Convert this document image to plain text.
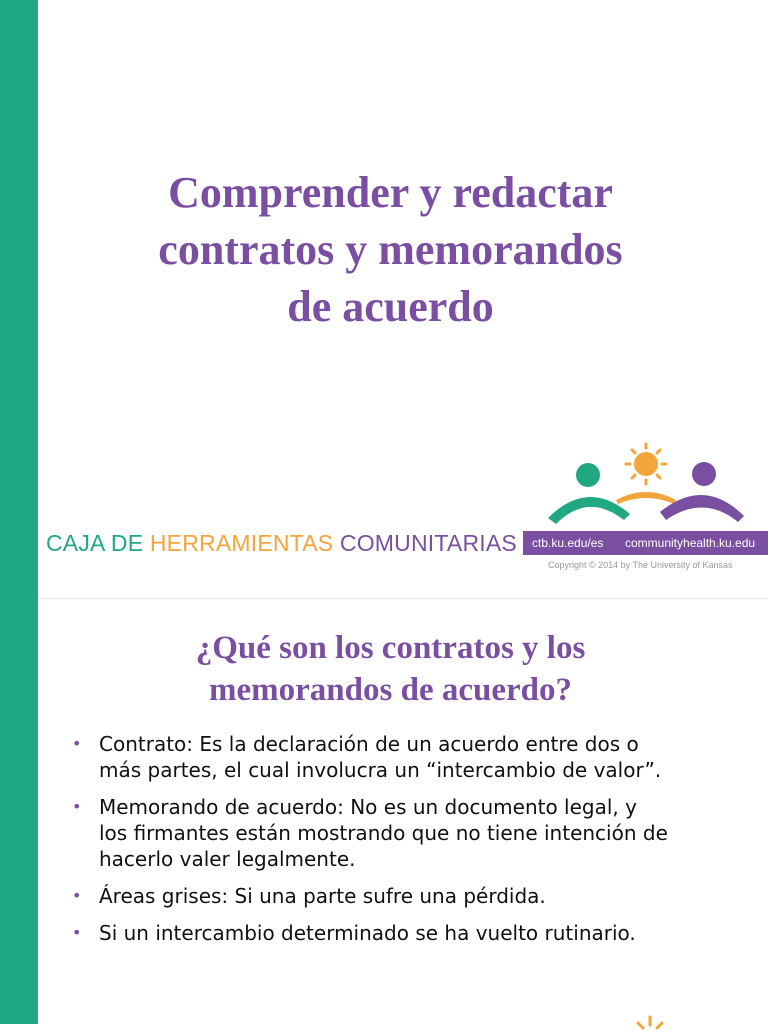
Comprender y redactar
contratos y memorandos
de acuerdo
CAJA DE HERRAMIENTAS COMUNITARIAS ctb.ku.edu/es communityhealth.ku.edu
Copyright © 2014 by The University of Kansas
¿Qué son los contratos y los
memorandos de acuerdo?
• Contrato: Es la declaración de un acuerdo entre dos o más partes, el cual involucra un “intercambio de valor”.
• Memorando de acuerdo: No es un documento legal, y los firmantes están mostrando que no tiene intención de hacerlo valer legalmente.
• Áreas grises: Si una parte sufre una pérdida.
• Si un intercambio determinado se ha vuelto rutinario.
